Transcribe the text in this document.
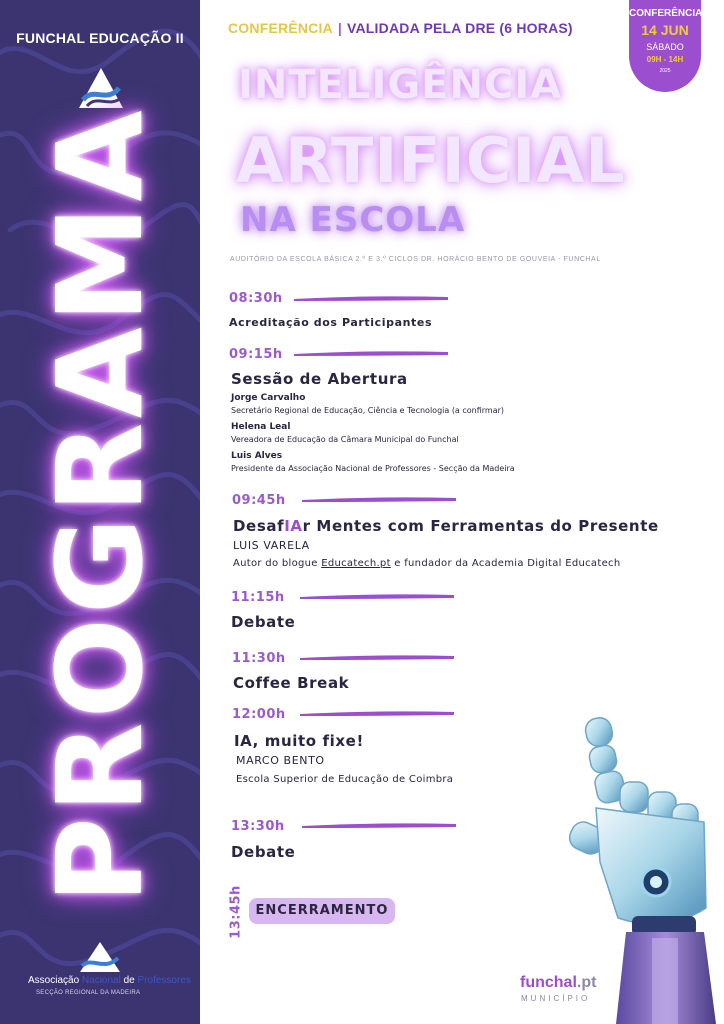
FUNCHAL EDUCAÇÃO II
PROGRAMA
Associação Nacional de Professores
SECÇÃO REGIONAL DA MADEIRA
CONFERÊNCIA | VALIDADA PELA DRE (6 HORAS)
CONFERÊNCIA
14 JUN
SÁBADO
09H - 14H
2025
INTELIGÊNCIA
ARTIFICIAL
NA ESCOLA
AUDITÓRIO DA ESCOLA BÁSICA 2.º E 3.º CICLOS DR. HORÁCIO BENTO DE GOUVEIA - FUNCHAL
08:30h
Acreditação dos Participantes
09:15h
Sessão de Abertura
Jorge Carvalho
Secretário Regional de Educação, Ciência e Tecnologia (a confirmar)
Helena Leal
Vereadora de Educação da Câmara Municipal do Funchal
Luis Alves
Presidente da Associação Nacional de Professores - Secção da Madeira
09:45h
DesafIAr Mentes com Ferramentas do Presente
LUIS VARELA
Autor do blogue Educatech.pt e fundador da Academia Digital Educatech
11:15h
Debate
11:30h
Coffee Break
12:00h
IA, muito fixe!
MARCO BENTO
Escola Superior de Educação de Coimbra
13:30h
Debate
13:45h ENCERRAMENTO
funchal.pt
MUNICÍPIO
